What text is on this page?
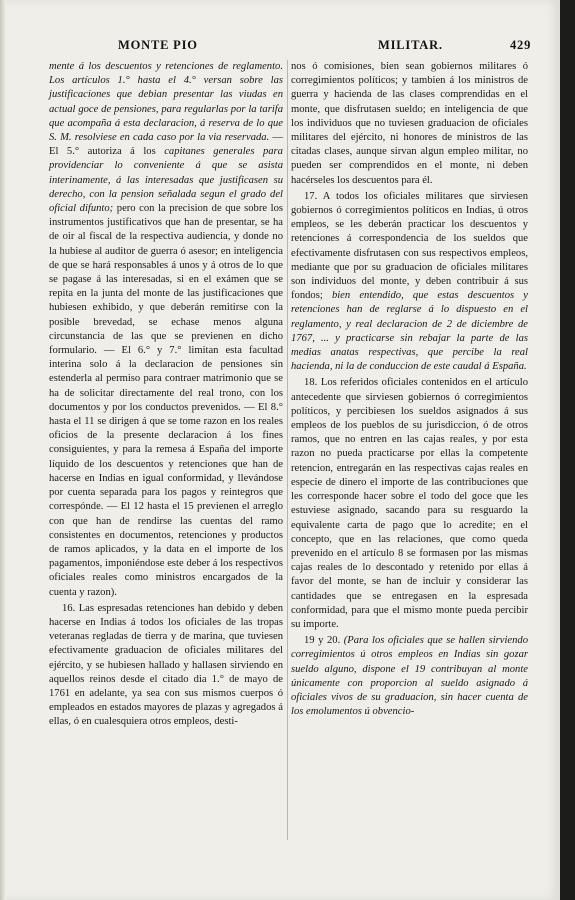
MONTE PIO	MILITAR.	429

mente á los descuentos y retenciones de reglamento. Los artículos 1.° hasta el 4.° versan sobre las justificaciones que debian presentar las viudas en actual goce de pensiones, para regularlas por la tarifa que acompaña á esta declaracion, á reserva de lo que S. M. resolviese en cada caso por la via reservada. — El 5.° autoriza á los capitanes generales para providenciar lo conveniente á que se asista interinamente, á las interesadas que justificasen su derecho, con la pension señalada segun el grado del oficial difunto; pero con la precision de que sobre los instrumentos justificativos que han de presentar, se ha de oir al fiscal de la respectiva audiencia, y donde no la hubiese al auditor de guerra ó asesor; en inteligencia de que se hará responsables á unos y á otros de lo que se pagase á las interesadas, si en el exámen que se repita en la junta del monte de las justificaciones que hubiesen exhibido, y que deberán remitirse con la posible brevedad, se echase menos alguna circunstancia de las que se previenen en dicho formulario. — El 6.° y 7.° limitan esta facultad interina solo á la declaracion de pensiones sin estenderla al permiso para contraer matrimonio que se ha de solicitar directamente del real trono, con los documentos y por los conductos prevenidos. — El 8.° hasta el 11 se dirigen á que se tome razon en los reales oficios de la presente declaracion á los fines consiguientes, y para la remesa á España del importe líquido de los descuentos y retenciones que han de hacerse en Indias en igual conformidad, y llevándose por cuenta separada para los pagos y reintegros que correspónde. — El 12 hasta el 15 previenen el arreglo con que han de rendirse las cuentas del ramo consistentes en documentos, retenciones y productos de ramos aplicados, y la data en el importe de los pagamentos, imponiéndose este deber á los respectivos oficiales reales como ministros encargados de la cuenta y razon).

16. Las espresadas retenciones han debido y deben hacerse en Indias á todos los oficiales de las tropas veteranas regladas de tierra y de marina, que tuviesen efectivamente graduacion de oficiales militares del ejército, y se hubiesen hallado y hallasen sirviendo en aquellos reinos desde el citado dia 1.° de mayo de 1761 en adelante, ya sea con sus mismos cuerpos ó empleados en estados mayores de plazas y agregados á ellas, ó en cualesquiera otros empleos, desti-

nos ó comisiones, bien sean gobiernos militares ó corregimientos políticos; y tambien á los ministros de guerra y hacienda de las clases comprendidas en el monte, que disfrutasen sueldo; en inteligencia de que los individuos que no tuviesen graduacion de oficiales militares del ejército, ni honores de ministros de las citadas clases, aunque sirvan algun empleo militar, no pueden ser comprendidos en el monte, ni deben hacérseles los descuentos para él.

17. A todos los oficiales militares que sirviesen gobiernos ó corregimientos políticos en Indias, ú otros empleos, se les deberán practicar los descuentos y retenciones á correspondencia de los sueldos que efectivamente disfrutasen con sus respectivos empleos, mediante que por su graduacion de oficiales militares son individuos del monte, y deben contribuir á sus fondos; bien entendido, que estas descuentos y retenciones han de reglarse á lo dispuesto en el reglamento, y real declaracion de 2 de diciembre de 1767, ... y practicarse sin rebajar la parte de las medias anatas respectivas, que percibe la real hacienda, ni la de conduccion de este caudal á España.

18. Los referidos oficiales contenidos en el artículo antecedente que sirviesen gobiernos ó corregimientos políticos, y percibiesen los sueldos asignados á sus empleos de los pueblos de su jurisdiccion, ó de otros ramos, que no entren en las cajas reales, y por esta razon no pueda practicarse por ellas la competente retencion, entregarán en las respectivas cajas reales en especie de dinero el importe de las contribuciones que les corresponde hacer sobre el todo del goce que les estuviese asignado, sacando para su resguardo la equivalente carta de pago que lo acredite; en el concepto, que en las relaciones, que como queda prevenido en el artículo 8 se formasen por las mismas cajas reales de lo descontado y retenido por ellas á favor del monte, se han de incluir y considerar las cantidades que se entregasen en la espresada conformidad, para que el mismo monte pueda percibir su importe.

19 y 20. (Para los oficiales que se hallen sirviendo corregimientos ú otros empleos en Indias sin gozar sueldo alguno, dispone el 19 contribuyan al monte únicamente con proporcion al sueldo asignado á oficiales vivos de su graduacion, sin hacer cuenta de los emolumentos ú obvencio-
